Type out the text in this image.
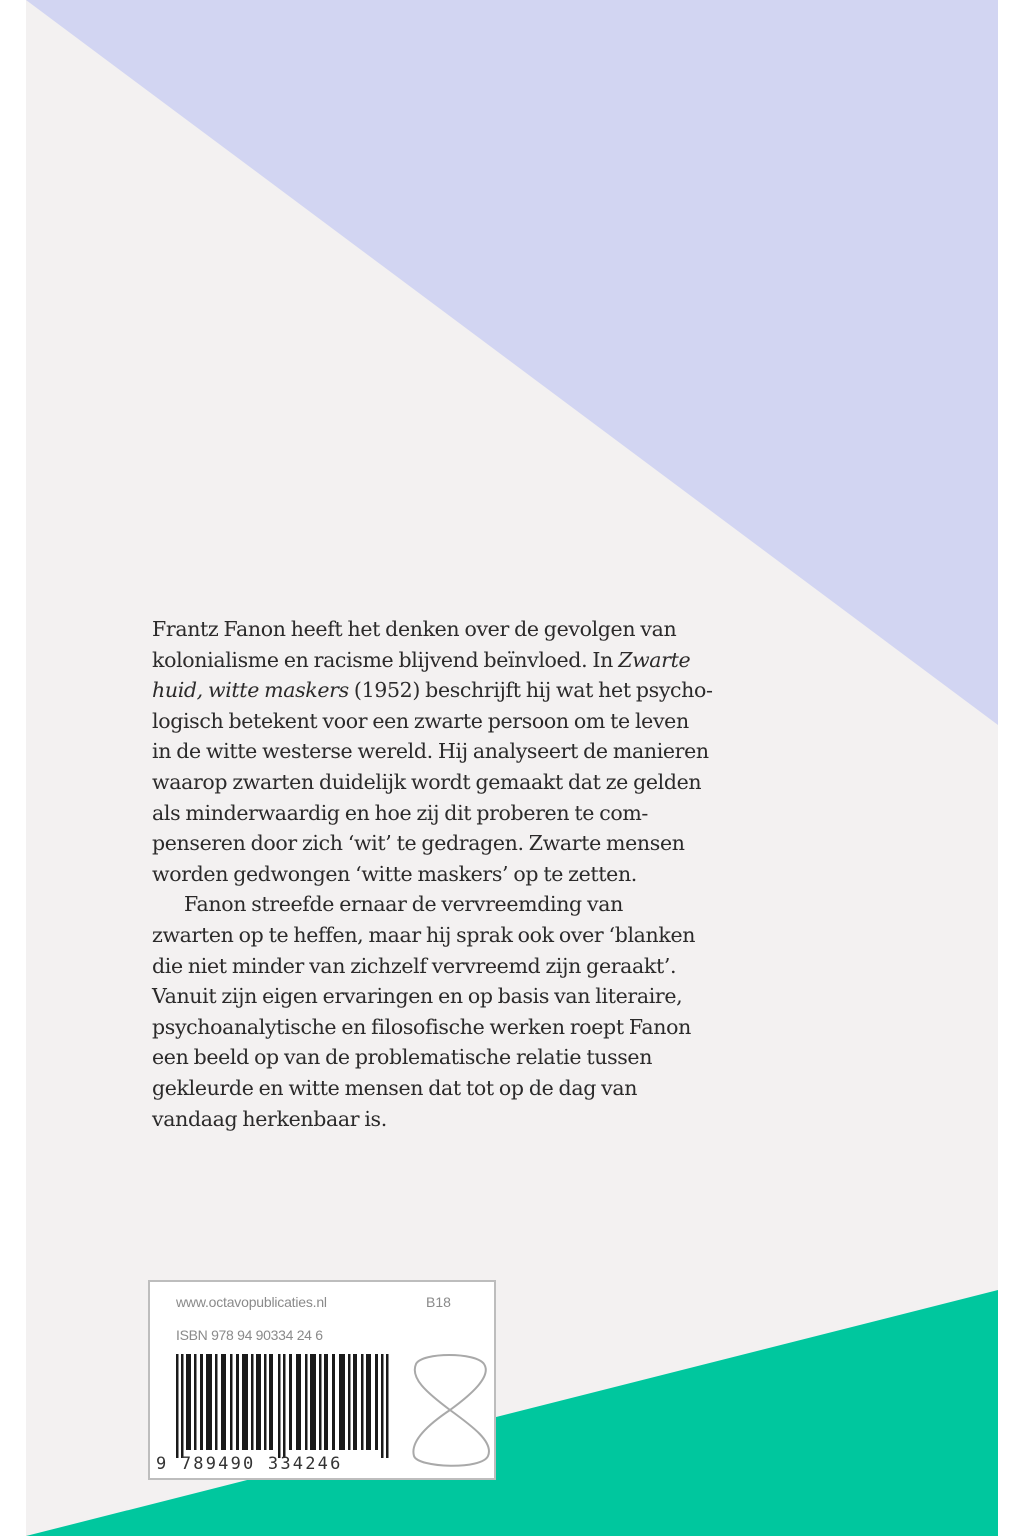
Frantz Fanon heeft het denken over de gevolgen van
kolonialisme en racisme blijvend beïnvloed. In Zwarte
huid, witte maskers (1952) beschrijft hij wat het psycho-
logisch betekent voor een zwarte persoon om te leven
in de witte westerse wereld. Hij analyseert de manieren
waarop zwarten duidelijk wordt gemaakt dat ze gelden
als minderwaardig en hoe zij dit proberen te com-
penseren door zich ‘wit’ te gedragen. Zwarte mensen
worden gedwongen ‘witte maskers’ op te zetten.
Fanon streefde ernaar de vervreemding van
zwarten op te heffen, maar hij sprak ook over ‘blanken
die niet minder van zichzelf vervreemd zijn geraakt’.
Vanuit zijn eigen ervaringen en op basis van literaire,
psychoanalytische en filosofische werken roept Fanon
een beeld op van de problematische relatie tussen
gekleurde en witte mensen dat tot op de dag van
vandaag herkenbaar is.
www.octavopublicaties.nl	B18
ISBN 978 94 90334 24 6
9 789490 334246
